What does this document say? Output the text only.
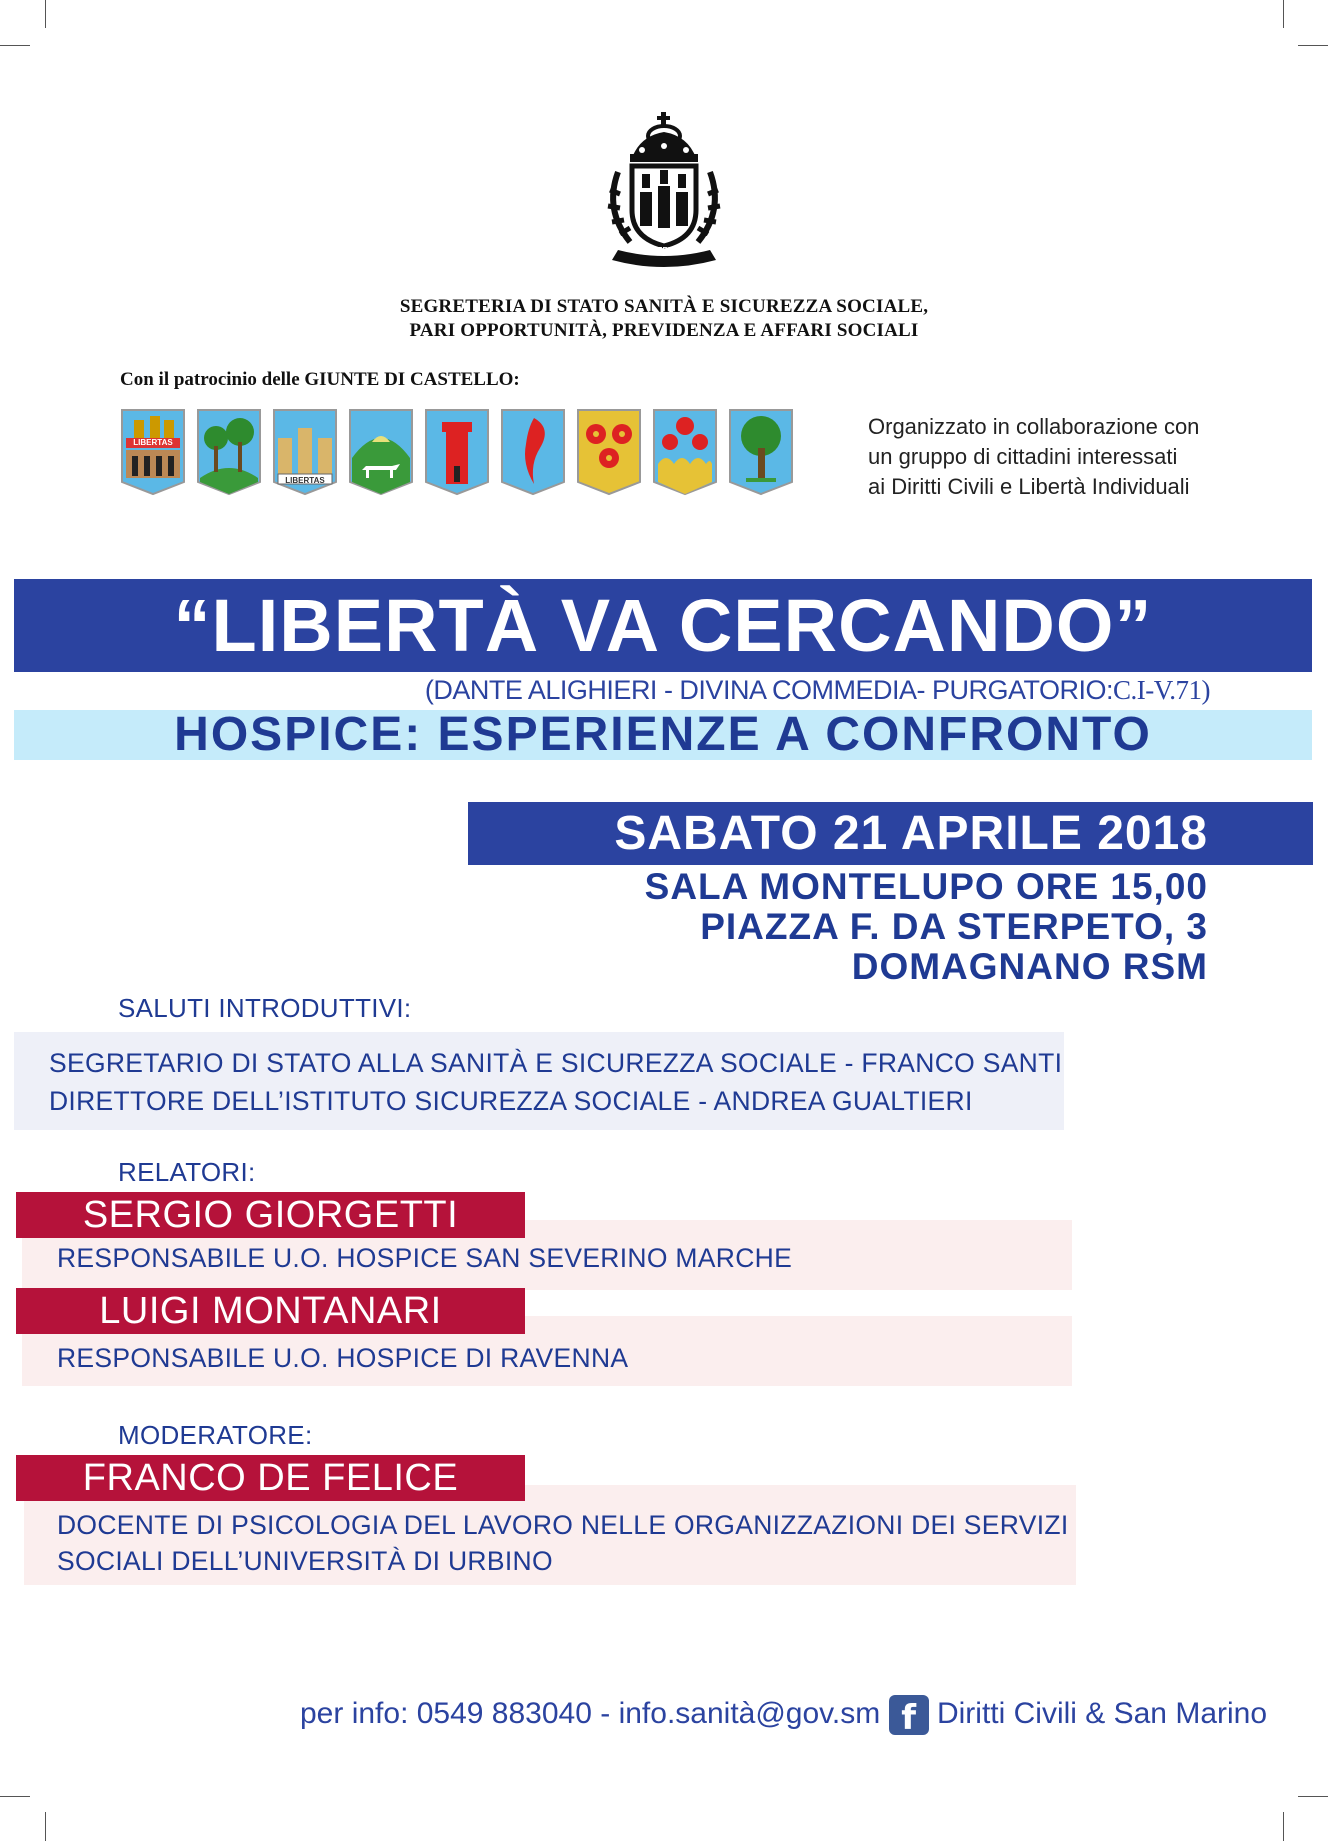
LIBERTAS
SEGRETERIA DI STATO SANITÀ E SICUREZZA SOCIALE,
PARI OPPORTUNITÀ, PREVIDENZA E AFFARI SOCIALI
Con il patrocinio delle GIUNTE DI CASTELLO:
LIBERTAS
LIBERTAS
Organizzato in collaborazione con
un gruppo di cittadini interessati
ai Diritti Civili e Libertà Individuali
“LIBERTÀ VA CERCANDO”
(DANTE ALIGHIERI - DIVINA COMMEDIA- PURGATORIO:C.I-V.71)
HOSPICE: ESPERIENZE A CONFRONTO
SABATO 21 APRILE 2018
SALA MONTELUPO ORE 15,00
PIAZZA F. DA STERPETO, 3
DOMAGNANO RSM
SALUTI INTRODUTTIVI:
SEGRETARIO DI STATO ALLA SANITÀ E SICUREZZA SOCIALE - FRANCO SANTI
DIRETTORE DELL’ISTITUTO SICUREZZA SOCIALE - ANDREA GUALTIERI
RELATORI:
SERGIO GIORGETTI
RESPONSABILE U.O. HOSPICE SAN SEVERINO MARCHE
LUIGI MONTANARI
RESPONSABILE U.O. HOSPICE DI RAVENNA
MODERATORE:
FRANCO DE FELICE
DOCENTE DI PSICOLOGIA DEL LAVORO NELLE ORGANIZZAZIONI DEI SERVIZI
SOCIALI DELL’UNIVERSITÀ DI URBINO
per info: 0549 883040 - info.sanità@gov.sm f Diritti Civili & San Marino
